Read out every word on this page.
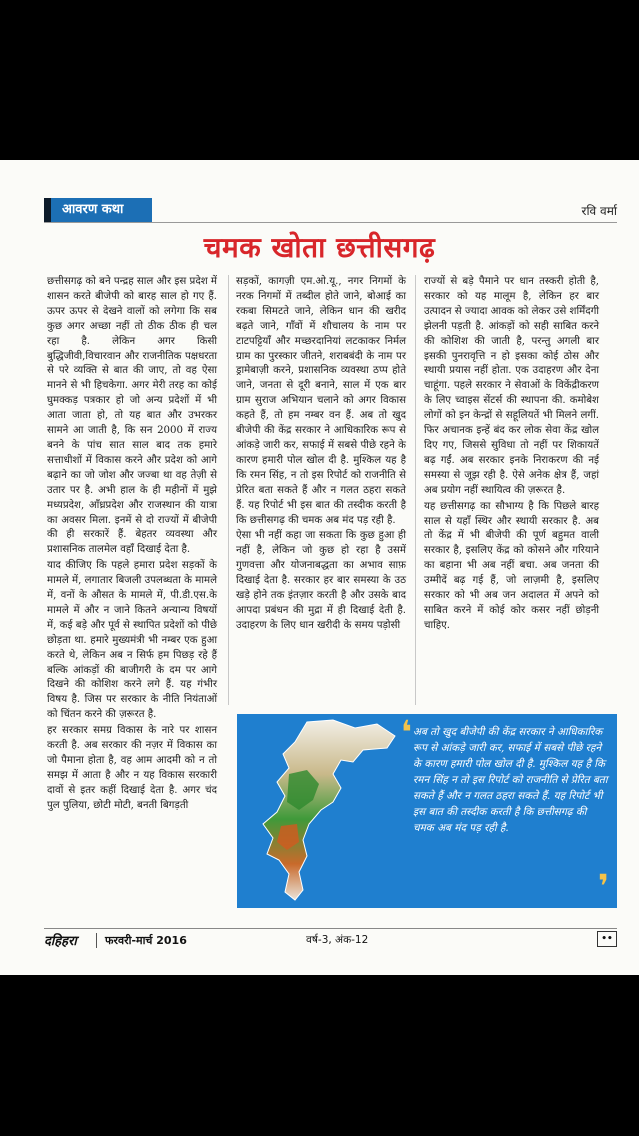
आवरण कथा	रवि वर्मा
चमक खोता छत्तीसगढ़

छत्तीसगढ़ को बने पन्द्रह साल और इस प्रदेश में शासन करते बीजेपी को बारह साल हो गए हैं. ऊपर ऊपर से देखने वालों को लगेगा कि सब कुछ अगर अच्छा नहीं तो ठीक ठीक ही चल रहा है. लेकिन अगर किसी बुद्धिजीवी,विचारवान और राजनीतिक पक्षधरता से परे व्यक्ति से बात की जाए, तो वह ऐसा मानने से भी हिचकेगा. अगर मेरी तरह का कोई घुमक्कड़ पत्रकार हो जो अन्य प्रदेशों में भी आता जाता हो, तो यह बात और उभरकर सामने आ जाती है, कि सन 2000 में राज्य बनने के पांच सात साल बाद तक हमारे सत्ताधीशों में विकास करने और प्रदेश को आगे बढ़ाने का जो जोश और जज्बा था वह तेज़ी से उतार पर है. अभी हाल के ही महीनों में मुझे मध्यप्रदेश, आँध्रप्रदेश और राजस्थान की यात्रा का अवसर मिला. इनमें से दो राज्यों में बीजेपी की ही सरकारें हैं. बेहतर व्यवस्था और प्रशासनिक तालमेल वहाँ दिखाई देता है.

याद कीजिए कि पहले हमारा प्रदेश सड़कों के मामले में, लगातार बिजली उपलब्धता के मामले में, वनों के औसत के मामले में, पी.डी.एस.के मामले में और न जाने कितने अन्यान्य विषयों में, कई बड़े और पूर्व से स्थापित प्रदेशों को पीछे छोड़ता था. हमारे मुख्यमंत्री भी नम्बर एक हुआ करते थे, लेकिन अब न सिर्फ हम पिछड़ रहे हैं बल्कि आंकड़ों की बाजीगरी के दम पर आगे दिखने की कोशिश करने लगे हैं. यह गंभीर विषय है. जिस पर सरकार के नीति नियंताओं को चिंतन करने की ज़रूरत है.

हर सरकार समग्र विकास के नारे पर शासन करती है. अब सरकार की नज़र में विकास का जो पैमाना होता है, वह आम आदमी को न तो समझ में आता है और न यह विकास सरकारी दावों से इतर कहीं दिखाई देता है. अगर चंद पुल पुलिया, छोटी मोटी, बनती बिगड़ती

सड़कों, कागज़ी एम.ओ.यू., नगर निगमों के नरक निगमों में तब्दील होते जाने, बोआई का रकबा सिमटते जाने, लेकिन धान की खरीद बढ़ते जाने, गाँवों में शौचालय के नाम पर टाटपट्टियाँ और मच्छरदानियां लटकाकर निर्मल ग्राम का पुरस्कार जीतने, शराबबंदी के नाम पर ड्रामेबाज़ी करने, प्रशासनिक व्यवस्था ठप्प होते जाने, जनता से दूरी बनाने, साल में एक बार ग्राम सुराज अभियान चलाने को अगर विकास कहते हैं, तो हम नम्बर वन हैं. अब तो खुद बीजेपी की केंद्र सरकार ने आधिकारिक रूप से आंकड़े जारी कर, सफाई में सबसे पीछे रहने के कारण हमारी पोल खोल दी है. मुश्किल यह है कि रमन सिंह, न तो इस रिपोर्ट को राजनीति से प्रेरित बता सकते हैं और न गलत ठहरा सकते हैं. यह रिपोर्ट भी इस बात की तस्दीक करती है कि छत्तीसगढ़ की चमक अब मंद पड़ रही है.

ऐसा भी नहीं कहा जा सकता कि कुछ हुआ ही नहीं है, लेकिन जो कुछ हो रहा है उसमें गुणवत्ता और योजनाबद्धता का अभाव साफ़ दिखाई देता है. सरकार हर बार समस्या के उठ खड़े होने तक इंतज़ार करती है और उसके बाद आपदा प्रबंधन की मुद्रा में ही दिखाई देती है. उदाहरण के लिए धान खरीदी के समय पड़ोसी

राज्यों से बड़े पैमाने पर धान तस्करी होती है, सरकार को यह मालूम है, लेकिन हर बार उत्पादन से ज्यादा आवक को लेकर उसे शर्मिंदगी झेलनी पड़ती है. आंकड़ों को सही साबित करने की कोशिश की जाती है, परन्तु अगली बार इसकी पुनरावृत्ति न हो इसका कोई ठोस और स्थायी प्रयास नहीं होता. एक उदाहरण और देना चाहूंगा. पहले सरकार ने सेवाओं के विकेंद्रीकरण के लिए च्वाइस सेंटर्स की स्थापना की. कमोबेश लोगों को इन केन्द्रों से सहूलियतें भी मिलने लगीं. फिर अचानक इन्हें बंद कर लोक सेवा केंद्र खोल दिए गए, जिससे सुविधा तो नहीं पर शिकायतें बढ़ गईं. अब सरकार इनके निराकरण की नई समस्या से जूझ रही है. ऐसे अनेक क्षेत्र हैं, जहां अब प्रयोग नहीं स्थायित्व की ज़रूरत है.

यह छत्तीसगढ़ का सौभाग्य है कि पिछले बारह साल से यहाँ स्थिर और स्थायी सरकार है. अब तो केंद्र में भी बीजेपी की पूर्ण बहुमत वाली सरकार है, इसलिए केंद्र को कोसने और गरियाने का बहाना भी अब नहीं बचा. अब जनता की उम्मीदें बढ़ गई हैं, जो लाज़मी है, इसलिए सरकार को भी अब जन अदालत में अपने को साबित करने में कोई कोर कसर नहीं छोड़नी चाहिए.

❛ अब तो खुद बीजेपी की केंद्र सरकार ने आधिकारिक रूप से आंकड़े जारी कर, सफाई में सबसे पीछे रहने के कारण हमारी पोल खोल दी है. मुश्किल यह है कि रमन सिंह न तो इस रिपोर्ट को राजनीति से प्रेरित बता सकते हैं और न गलत ठहरा सकते हैं. यह रिपोर्ट भी इस बात की तस्दीक करती है कि छत्तीसगढ़ की चमक अब मंद पड़ रही है.
❜
दहिहरा	फरवरी-मार्च 2016	वर्ष-3, अंक-12	••
